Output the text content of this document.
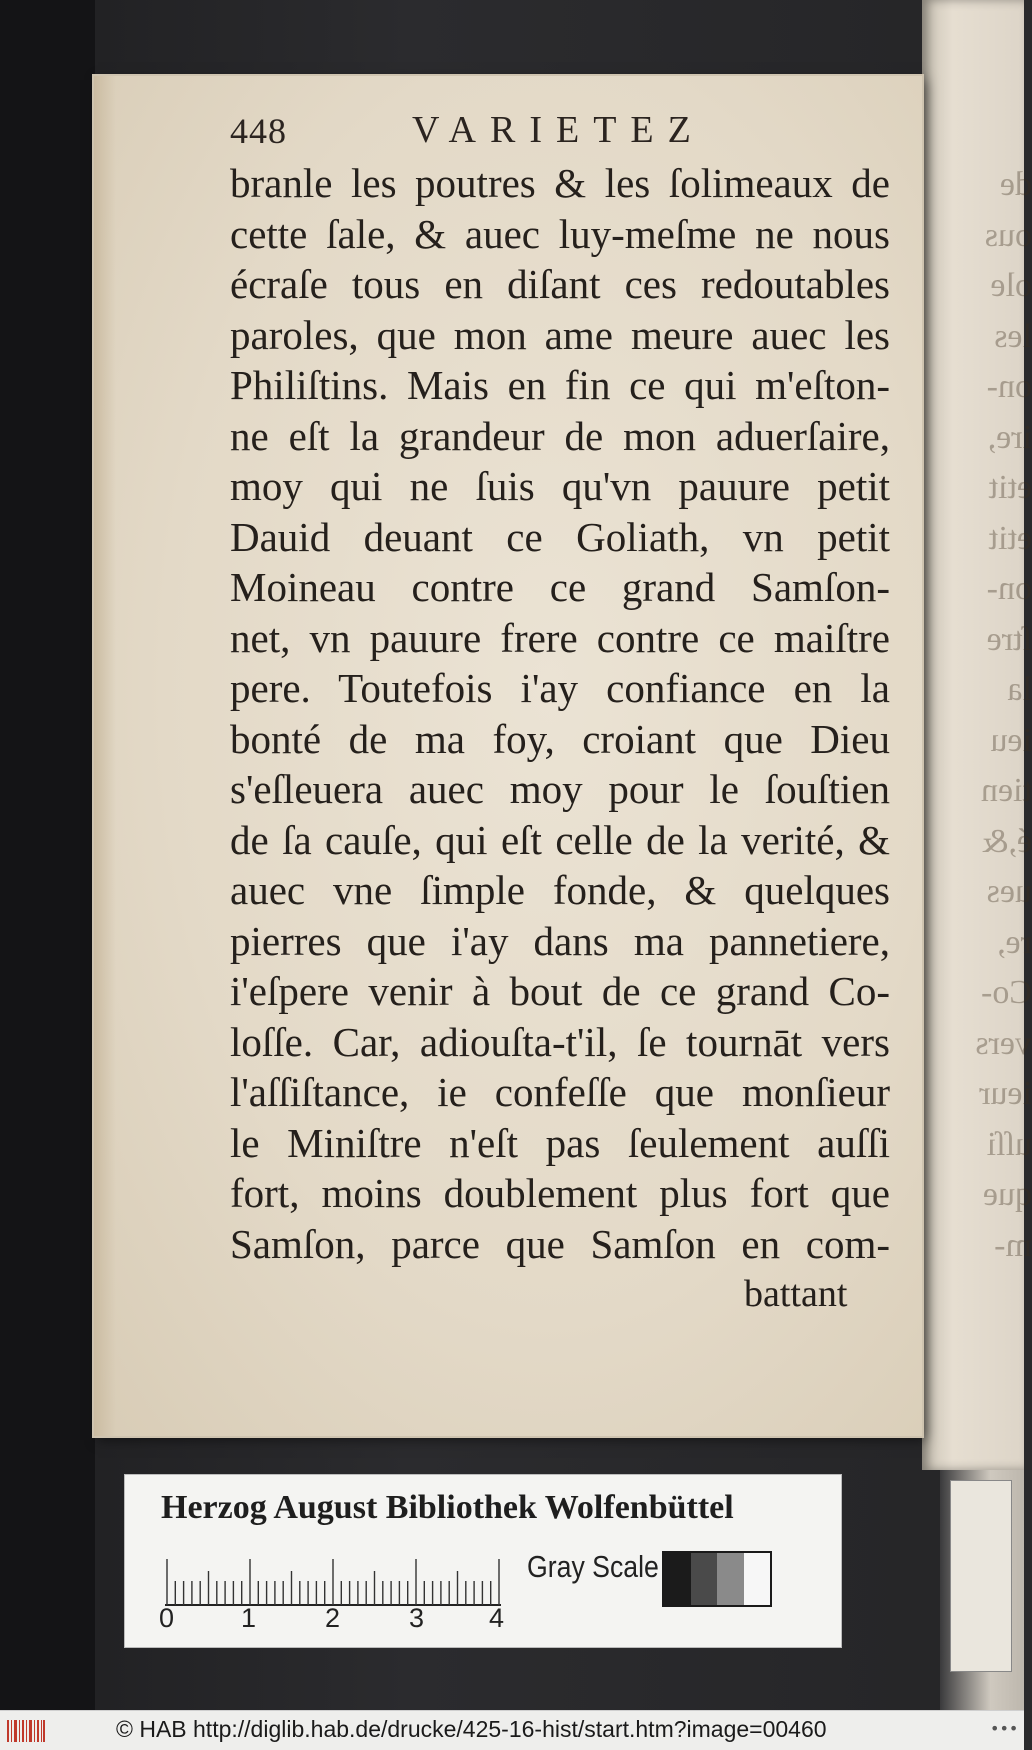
de
ous
ole
les
on-
ire,
etit
etit
on-
ſtre
la
ieu
tien
é,&
ues
re,
Co-
vers
ieur
uſſi
que
m-
448	VARIETEZ
branle les poutres & les ſolimeaux de
cette ſale, & auec luy-meſme ne nous
écraſe tous en diſant ces redoutables
paroles, que mon ame meure auec les
Philiſtins. Mais en fin ce qui m'eſton-
ne eſt la grandeur de mon aduerſaire,
moy qui ne ſuis qu'vn pauure petit
Dauid deuant ce Goliath, vn petit
Moineau contre ce grand Samſon-
net, vn pauure frere contre ce maiſtre
pere. Toutefois i'ay confiance en la
bonté de ma foy, croiant que Dieu
s'eſleuera auec moy pour le ſouſtien
de ſa cauſe, qui eſt celle de la verité, &
auec vne ſimple fonde, & quelques
pierres que i'ay dans ma pannetiere,
i'eſpere venir à bout de ce grand Co-
loſſe. Car, adiouſta-t'il, ſe tournāt vers
l'aſſiſtance, ie confeſſe que monſieur
le Miniſtre n'eſt pas ſeulement auſſi
fort, moins doublement plus fort que
Samſon, parce que Samſon en com-
battant
Herzog August Bibliothek Wolfenbüttel
0 1	2	3 4
Gray Scale
© HAB http://diglib.hab.de/drucke/425-16-hist/start.htm?image=00460	•••
